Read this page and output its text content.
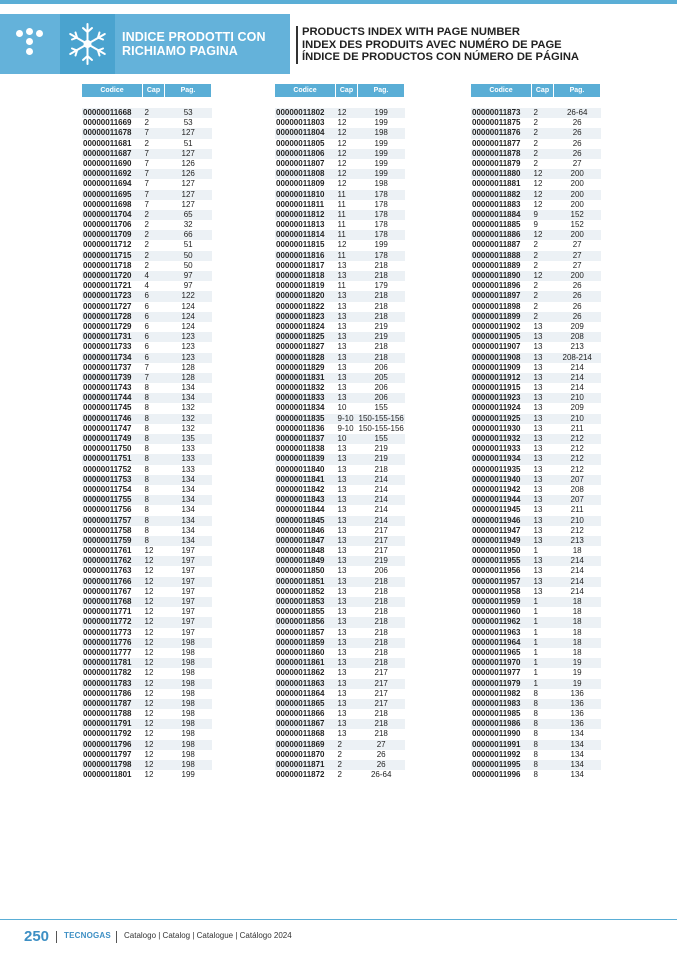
INDICE PRODOTTI CON
RICHIAMO PAGINA
PRODUCTS INDEX WITH PAGE NUMBER
INDEX DES PRODUITS AVEC NUMÉRO DE PAGE
ÍNDICE DE PRODUCTOS CON NÚMERO DE PÁGINA
Codice	Cap	Pag.
00000011668	2	53
00000011669	2	53
00000011678	7	127
00000011681	2	51
00000011687	7	127
00000011690	7	126
00000011692	7	126
00000011694	7	127
00000011695	7	127
00000011698	7	127
00000011704	2	65
00000011706	2	32
00000011709	2	66
00000011712	2	51
00000011715	2	50
00000011718	2	50
00000011720	4	97
00000011721	4	97
00000011723	6	122
00000011727	6	124
00000011728	6	124
00000011729	6	124
00000011731	6	123
00000011733	6	123
00000011734	6	123
00000011737	7	128
00000011739	7	128
00000011743	8	134
00000011744	8	134
00000011745	8	132
00000011746	8	132
00000011747	8	132
00000011749	8	135
00000011750	8	133
00000011751	8	133
00000011752	8	133
00000011753	8	134
00000011754	8	134
00000011755	8	134
00000011756	8	134
00000011757	8	134
00000011758	8	134
00000011759	8	134
00000011761	12	197
00000011762	12	197
00000011763	12	197
00000011766	12	197
00000011767	12	197
00000011768	12	197
00000011771	12	197
00000011772	12	197
00000011773	12	197
00000011776	12	198
00000011777	12	198
00000011781	12	198
00000011782	12	198
00000011783	12	198
00000011786	12	198
00000011787	12	198
00000011788	12	198
00000011791	12	198
00000011792	12	198
00000011796	12	198
00000011797	12	198
00000011798	12	198
00000011801	12	199
Codice	Cap	Pag.
00000011802	12	199
00000011803	12	199
00000011804	12	198
00000011805	12	199
00000011806	12	199
00000011807	12	199
00000011808	12	199
00000011809	12	198
00000011810	11	178
00000011811	11	178
00000011812	11	178
00000011813	11	178
00000011814	11	178
00000011815	12	199
00000011816	11	178
00000011817	13	218
00000011818	13	218
00000011819	11	179
00000011820	13	218
00000011822	13	218
00000011823	13	218
00000011824	13	219
00000011825	13	219
00000011827	13	218
00000011828	13	218
00000011829	13	206
00000011831	13	205
00000011832	13	206
00000011833	13	206
00000011834	10	155
00000011835	9-10 150-155-156
00000011836	9-10 150-155-156
00000011837	10	155
00000011838	13	219
00000011839	13	219
00000011840	13	218
00000011841	13	214
00000011842	13	214
00000011843	13	214
00000011844	13	214
00000011845	13	214
00000011846	13	217
00000011847	13	217
00000011848	13	217
00000011849	13	219
00000011850	13	206
00000011851	13	218
00000011852	13	218
00000011853	13	218
00000011855	13	218
00000011856	13	218
00000011857	13	218
00000011859	13	218
00000011860	13	218
00000011861	13	218
00000011862	13	217
00000011863	13	217
00000011864	13	217
00000011865	13	217
00000011866	13	218
00000011867	13	218
00000011868	13	218
00000011869	2	27
00000011870	2	26
00000011871	2	26
00000011872	2	26-64
Codice	Cap	Pag.
00000011873	2	26-64
00000011875	2	26
00000011876	2	26
00000011877	2	26
00000011878	2	26
00000011879	2	27
00000011880	12	200
00000011881	12	200
00000011882	12	200
00000011883	12	200
00000011884	9	152
00000011885	9	152
00000011886	12	200
00000011887	2	27
00000011888	2	27
00000011889	2	27
00000011890	12	200
00000011896	2	26
00000011897	2	26
00000011898	2	26
00000011899	2	26
00000011902	13	209
00000011905	13	208
00000011907	13	213
00000011908	13	208-214
00000011909	13	214
00000011912	13	214
00000011915	13	214
00000011923	13	210
00000011924	13	209
00000011925	13	210
00000011930	13	211
00000011932	13	212
00000011933	13	212
00000011934	13	212
00000011935	13	212
00000011940	13	207
00000011942	13	208
00000011944	13	207
00000011945	13	211
00000011946	13	210
00000011947	13	212
00000011949	13	213
00000011950	1	18
00000011955	13	214
00000011956	13	214
00000011957	13	214
00000011958	13	214
00000011959	1	18
00000011960	1	18
00000011962	1	18
00000011963	1	18
00000011964	1	18
00000011965	1	18
00000011970	1	19
00000011977	1	19
00000011979	1	19
00000011982	8	136
00000011983	8	136
00000011985	8	136
00000011986	8	136
00000011990	8	134
00000011991	8	134
00000011992	8	134
00000011995	8	134
00000011996	8	134
250 TECNOGAS Catalogo | Catalog | Catalogue | Catálogo 2024
